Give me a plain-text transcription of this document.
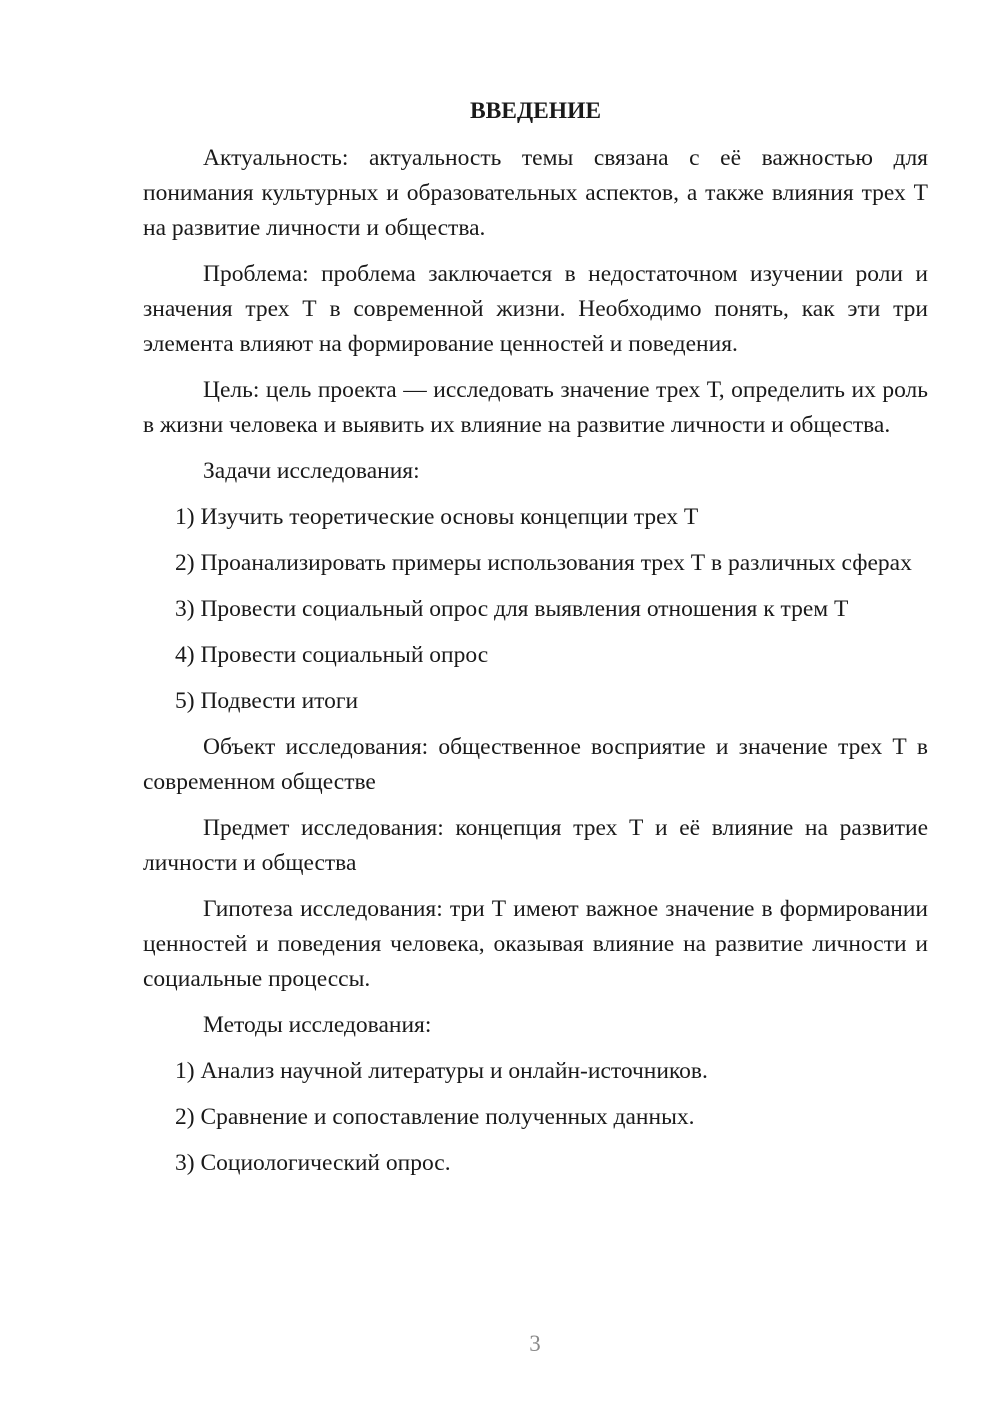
ВВЕДЕНИЕ

Актуальность: актуальность темы связана с её важностью для понимания культурных и образовательных аспектов, а также влияния трех Т на развитие личности и общества.

Проблема: проблема заключается в недостаточном изучении роли и значения трех Т в современной жизни. Необходимо понять, как эти три элемента влияют на формирование ценностей и поведения.

Цель: цель проекта — исследовать значение трех Т, определить их роль в жизни человека и выявить их влияние на развитие личности и общества.

Задачи исследования:

1) Изучить теоретические основы концепции трех Т

2) Проанализировать примеры использования трех Т в различных сферах

3) Провести социальный опрос для выявления отношения к трем Т

4) Провести социальный опрос

5) Подвести итоги

Объект исследования: общественное восприятие и значение трех Т в современном обществе

Предмет исследования: концепция трех Т и её влияние на развитие личности и общества

Гипотеза исследования: три Т имеют важное значение в формировании ценностей и поведения человека, оказывая влияние на развитие личности и социальные процессы.

Методы исследования:

1) Анализ научной литературы и онлайн-источников.

2) Сравнение и сопоставление полученных данных.

3) Социологический опрос.

3
